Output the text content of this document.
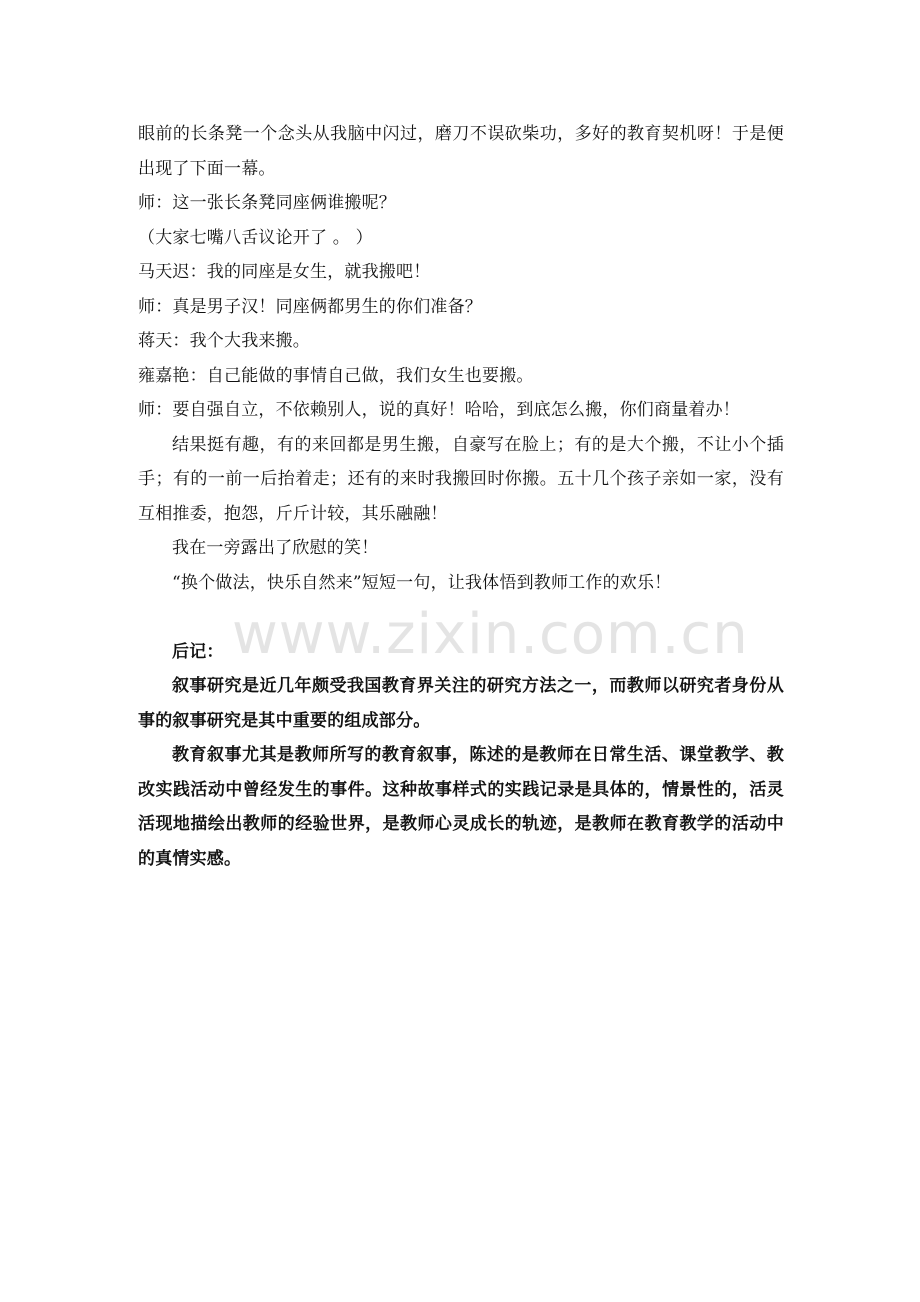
眼前的长条凳一个念头从我脑中闪过，磨刀不误砍柴功，多好的教育契机呀！于是便出现了下面一幕。

师：这一张长条凳同座俩谁搬呢？

（大家七嘴八舌议论开了 。 ）

马天迟：我的同座是女生，就我搬吧！

师：真是男子汉！同座俩都男生的你们准备？

蒋天：我个大我来搬。

雍嘉艳：自己能做的事情自己做，我们女生也要搬。

师：要自强自立，不依赖别人，说的真好！哈哈，到底怎么搬，你们商量着办！

结果挺有趣，有的来回都是男生搬，自豪写在脸上；有的是大个搬，不让小个插手；有的一前一后抬着走；还有的来时我搬回时你搬。五十几个孩子亲如一家，没有互相推委，抱怨，斤斤计较，其乐融融！

我在一旁露出了欣慰的笑！

“换个做法，快乐自然来”短短一句，让我体悟到教师工作的欢乐！

后记：

叙事研究是近几年颇受我国教育界关注的研究方法之一，而教师以研究者身份从事的叙事研究是其中重要的组成部分。

教育叙事尤其是教师所写的教育叙事，陈述的是教师在日常生活、课堂教学、教改实践活动中曾经发生的事件。这种故事样式的实践记录是具体的，情景性的，活灵活现地描绘出教师的经验世界，是教师心灵成长的轨迹，是教师在教育教学的活动中的真情实感。

www.zixin.com.cn
